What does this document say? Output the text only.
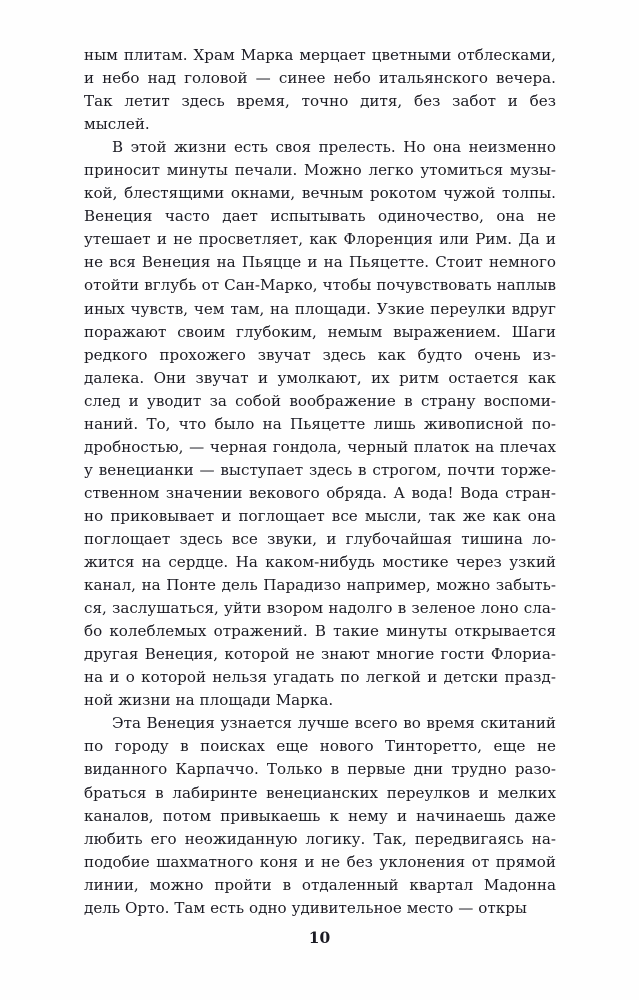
ным плитам. Храм Марка мерцает цветными отблесками, и небо над головой — синее небо итальянского вечера. Так летит здесь время, точно дитя, без забот и без мыслей.

В этой жизни есть своя прелесть. Но она неизменно приносит минуты печали. Можно легко утомиться музыкой, блестящими окнами, вечным рокотом чужой толпы. Венеция часто дает испытывать одиночество, она не утешает и не просветляет, как Флоренция или Рим. Да и не вся Венеция на Пьяцце и на Пьяцетте. Стоит немного отойти вглубь от Сан-Марко, чтобы почувствовать наплыв иных чувств, чем там, на площади. Узкие переулки вдруг поражают своим глубоким, немым выражением. Шаги редкого прохожего звучат здесь как будто очень издалека. Они звучат и умолкают, их ритм остается как след и уводит за собой воображение в страну воспоминаний. То, что было на Пьяцетте лишь живописной подробностью, — черная гондола, черный платок на плечах у венецианки — выступает здесь в строгом, почти торжественном значении векового обряда. А вода! Вода странно приковывает и поглощает все мысли, так же как она поглощает здесь все звуки, и глубочайшая тишина ложится на сердце. На каком-нибудь мостике через узкий канал, на Понте дель Парадизо например, можно забыться, заслушаться, уйти взором надолго в зеленое лоно слабо колеблемых отражений. В такие минуты открывается другая Венеция, которой не знают многие гости Флориана и о которой нельзя угадать по легкой и детски праздной жизни на площади Марка.

Эта Венеция узнается лучше всего во время скитаний по городу в поисках еще нового Тинторетто, еще не виданного Карпаччо. Только в первые дни трудно разобраться в лабиринте венецианских переулков и мелких каналов, потом привыкаешь к нему и начинаешь даже любить его неожиданную логику. Так, передвигаясь наподобие шахматного коня и не без уклонения от прямой линии, можно пройти в отдаленный квартал Мадонна дель Орто. Там есть одно удивительное место — откры

10
